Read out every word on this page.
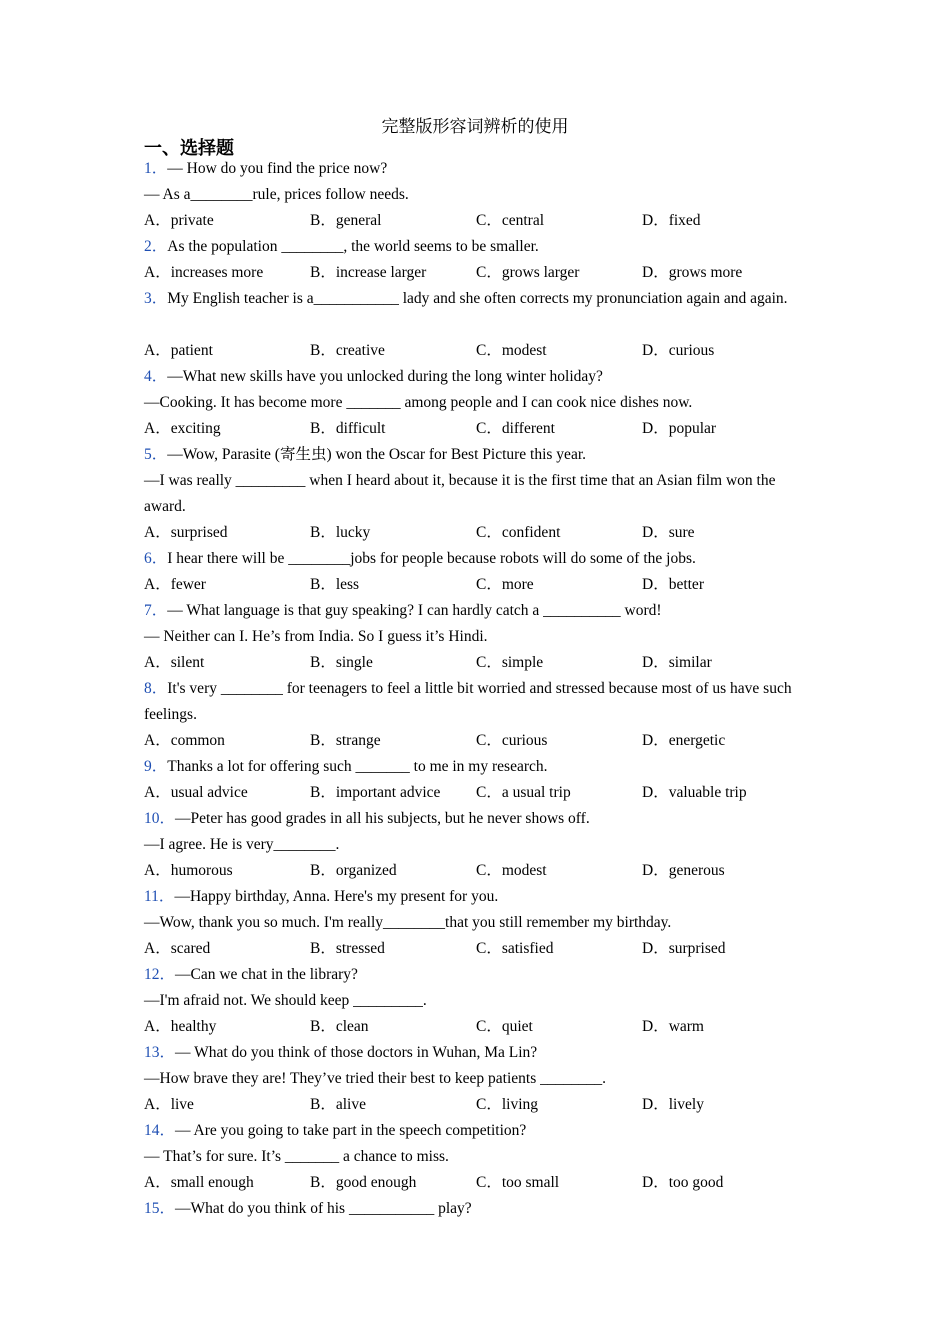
完整版形容词辨析的使用
一、选择题
1．— How do you find the price now?
— As a________rule, prices follow needs.
A．private	B．general	C．central	D．fixed
2．As the population ________, the world seems to be smaller.
A．increases more	B．increase larger	C．grows larger	D．grows more
3．My English teacher is a___________ lady and she often corrects my pronunciation again and again.
A．patient	B．creative	C．modest	D．curious
4．—What new skills have you unlocked during the long winter holiday?
—Cooking. It has become more _______ among people and I can cook nice dishes now.
A．exciting	B．difficult	C．different	D．popular
5．—Wow, Parasite (寄生虫) won the Oscar for Best Picture this year.
—I was really _________ when I heard about it, because it is the first time that an Asian film won the award.
A．surprised	B．lucky	C．confident	D．sure
6．I hear there will be ________jobs for people because robots will do some of the jobs.
A．fewer	B．less	C．more	D．better
7．— What language is that guy speaking? I can hardly catch a __________ word!
— Neither can I. He’s from India. So I guess it’s Hindi.
A．silent	B．single	C．simple	D．similar
8．It's very ________ for teenagers to feel a little bit worried and stressed because most of us have such feelings.
A．common	B．strange	C．curious	D．energetic
9．Thanks a lot for offering such _______ to me in my research.
A．usual advice	B．important advice	C．a usual trip	D．valuable trip
10．—Peter has good grades in all his subjects, but he never shows off.
—I agree. He is very________.
A．humorous	B．organized	C．modest	D．generous
11．—Happy birthday, Anna. Here's my present for you.
—Wow, thank you so much. I'm really________that you still remember my birthday.
A．scared	B．stressed	C．satisfied	D．surprised
12．—Can we chat in the library?
—I'm afraid not. We should keep _________.
A．healthy	B．clean	C．quiet	D．warm
13．— What do you think of those doctors in Wuhan, Ma Lin?
—How brave they are! They’ve tried their best to keep patients ________.
A．live	B．alive	C．living	D．lively
14．— Are you going to take part in the speech competition?
— That’s for sure. It’s _______ a chance to miss.
A．small enough	B．good enough	C．too small	D．too good
15．—What do you think of his ___________ play?
